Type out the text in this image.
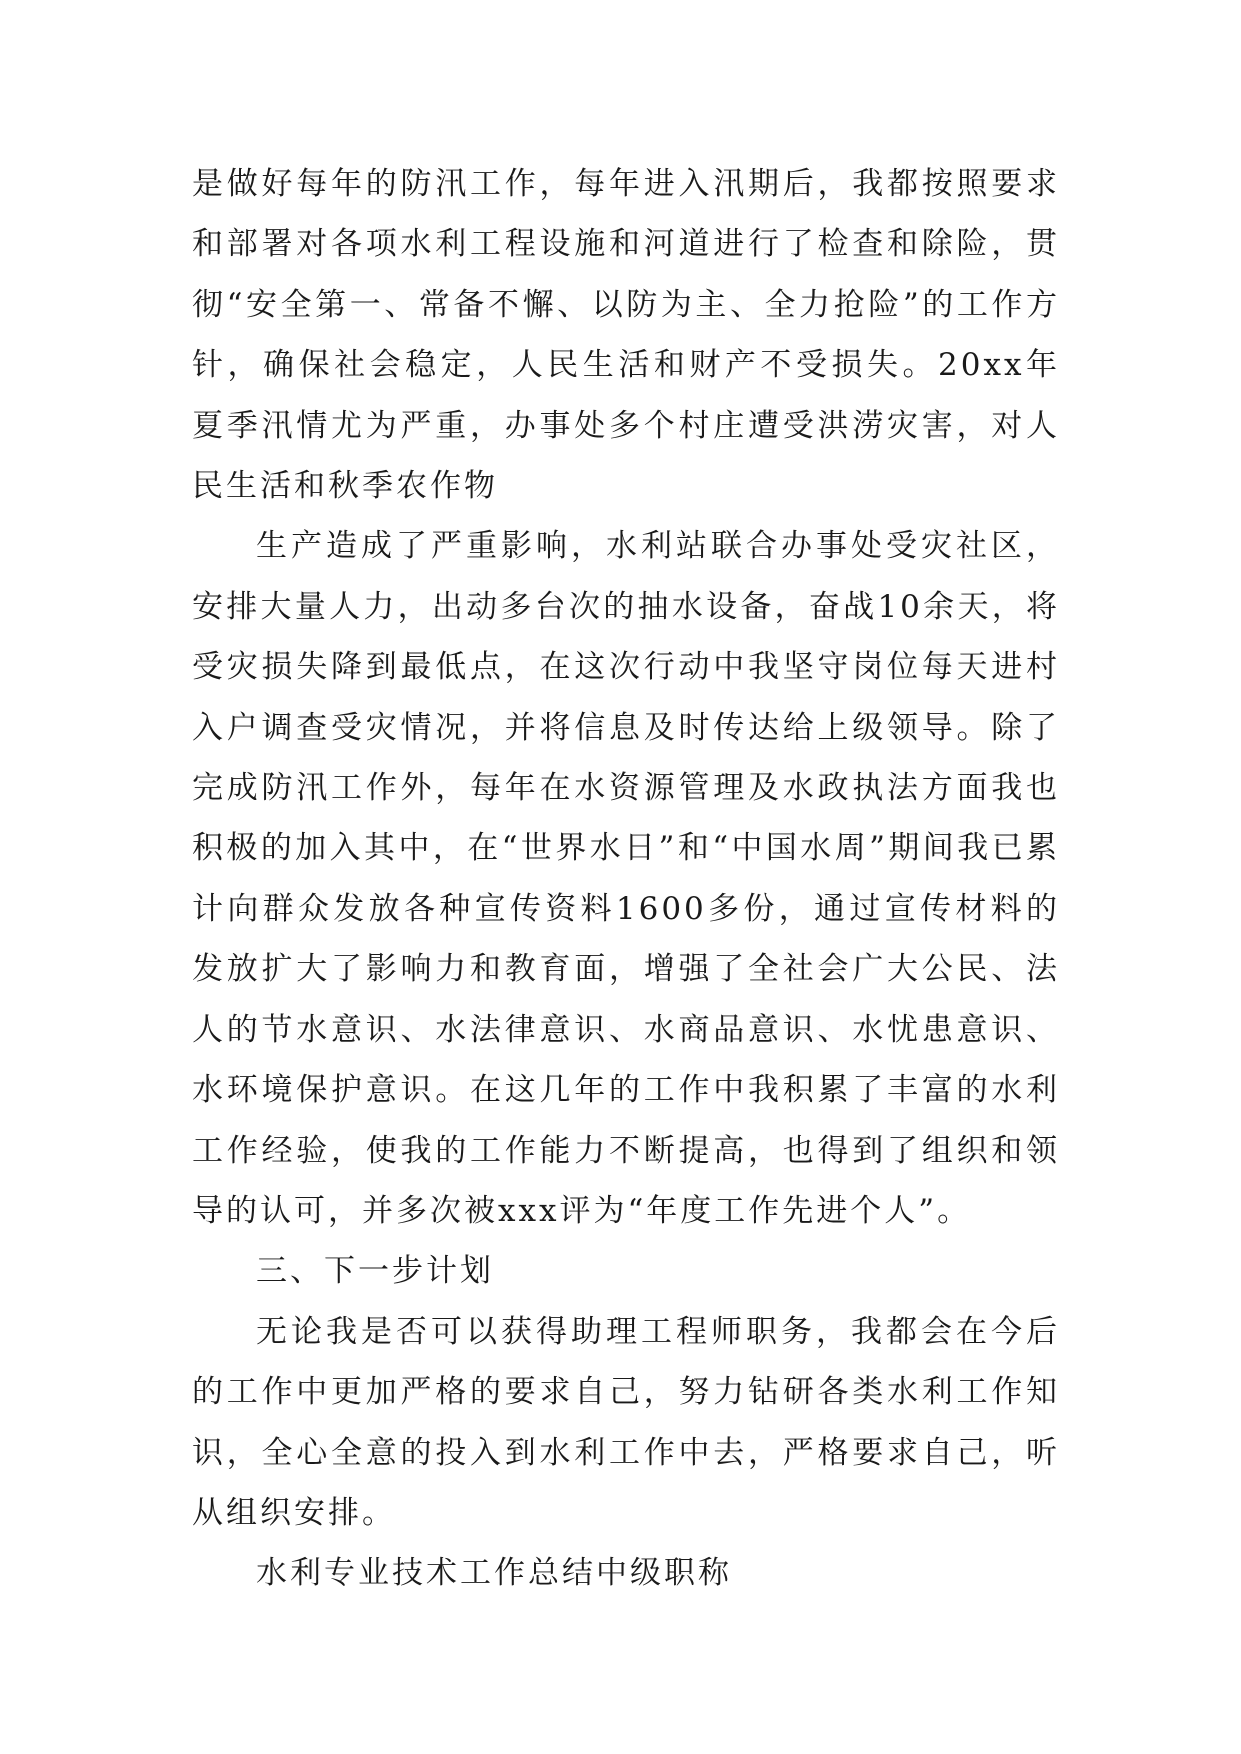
是做好每年的防汛工作，每年进入汛期后，我都按照要求和部署对各项水利工程设施和河道进行了检查和除险，贯彻“安全第一、常备不懈、以防为主、全力抢险”的工作方针，确保社会稳定，人民生活和财产不受损失。20xx年夏季汛情尤为严重，办事处多个村庄遭受洪涝灾害，对人民生活和秋季农作物

生产造成了严重影响，水利站联合办事处受灾社区，安排大量人力，出动多台次的抽水设备，奋战10余天，将受灾损失降到最低点，在这次行动中我坚守岗位每天进村入户调查受灾情况，并将信息及时传达给上级领导。除了完成防汛工作外，每年在水资源管理及水政执法方面我也积极的加入其中，在“世界水日”和“中国水周”期间我已累计向群众发放各种宣传资料1600多份，通过宣传材料的发放扩大了影响力和教育面，增强了全社会广大公民、法人的节水意识、水法律意识、水商品意识、水忧患意识、水环境保护意识。在这几年的工作中我积累了丰富的水利工作经验，使我的工作能力不断提高，也得到了组织和领导的认可，并多次被xxx评为“年度工作先进个人”。

三、下一步计划

无论我是否可以获得助理工程师职务，我都会在今后的工作中更加严格的要求自己，努力钻研各类水利工作知识，全心全意的投入到水利工作中去，严格要求自己，听从组织安排。

水利专业技术工作总结中级职称
